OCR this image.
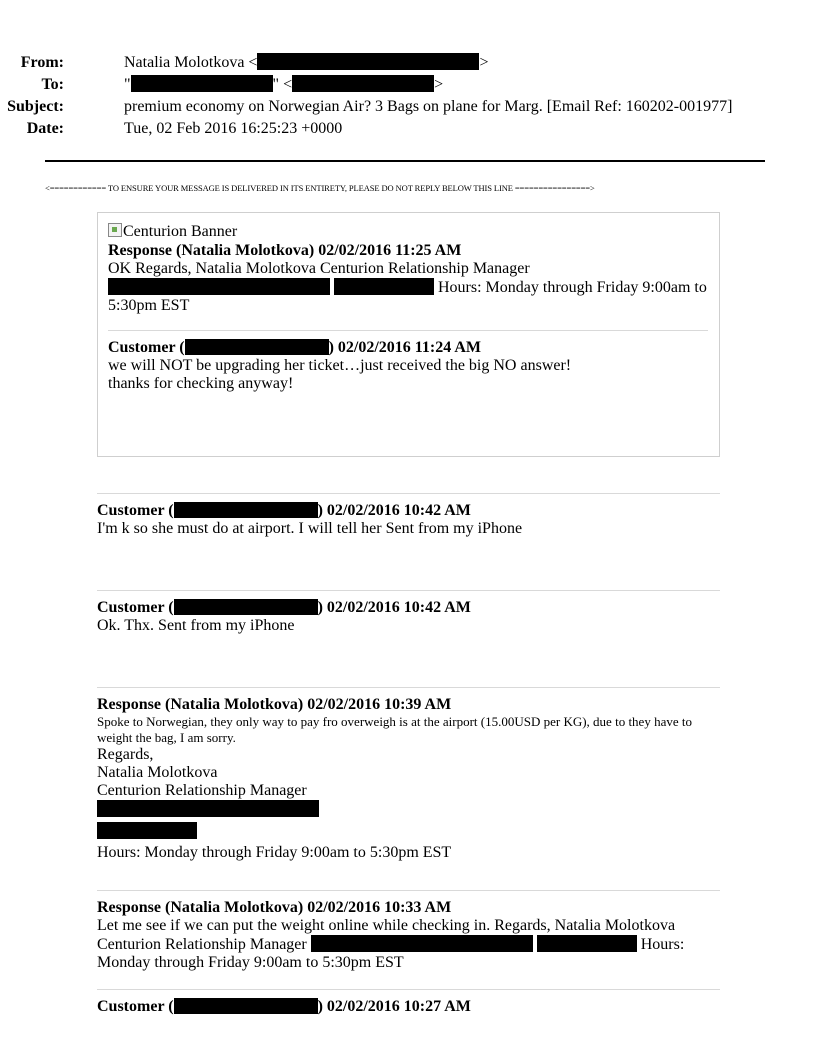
From:	Natalia Molotkova <	>
To:	"	" <	>
Subject:	premium economy on Norwegian Air? 3 Bags on plane for Marg. [Email Ref: 160202-001977]
Date:	Tue, 02 Feb 2016 16:25:23 +0000
<============ TO ENSURE YOUR MESSAGE IS DELIVERED IN ITS ENTIRETY, PLEASE DO NOT REPLY BELOW THIS LINE ================>
Centurion Banner
Response (Natalia Molotkova) 02/02/2016 11:25 AM
OK Regards, Natalia Molotkova Centurion Relationship Manager
Hours: Monday through Friday 9:00am to 5:30pm EST
Customer (	) 02/02/2016 11:24 AM
we will NOT be upgrading her ticket…just received the big NO answer!
thanks for checking anyway!
Customer (	) 02/02/2016 10:42 AM
I'm k so she must do at airport. I will tell her Sent from my iPhone
Customer (	) 02/02/2016 10:42 AM
Ok. Thx. Sent from my iPhone
Response (Natalia Molotkova) 02/02/2016 10:39 AM
Spoke to Norwegian, they only way to pay fro overweigh is at the airport (15.00USD per KG), due to they have to weight the bag, I am sorry.
Regards,
Natalia Molotkova
Centurion Relationship Manager
Hours: Monday through Friday 9:00am to 5:30pm EST
Response (Natalia Molotkova) 02/02/2016 10:33 AM
Let me see if we can put the weight online while checking in. Regards, Natalia Molotkova Centurion Relationship Manager	Hours: Monday through Friday 9:00am to 5:30pm EST
Customer (	) 02/02/2016 10:27 AM
